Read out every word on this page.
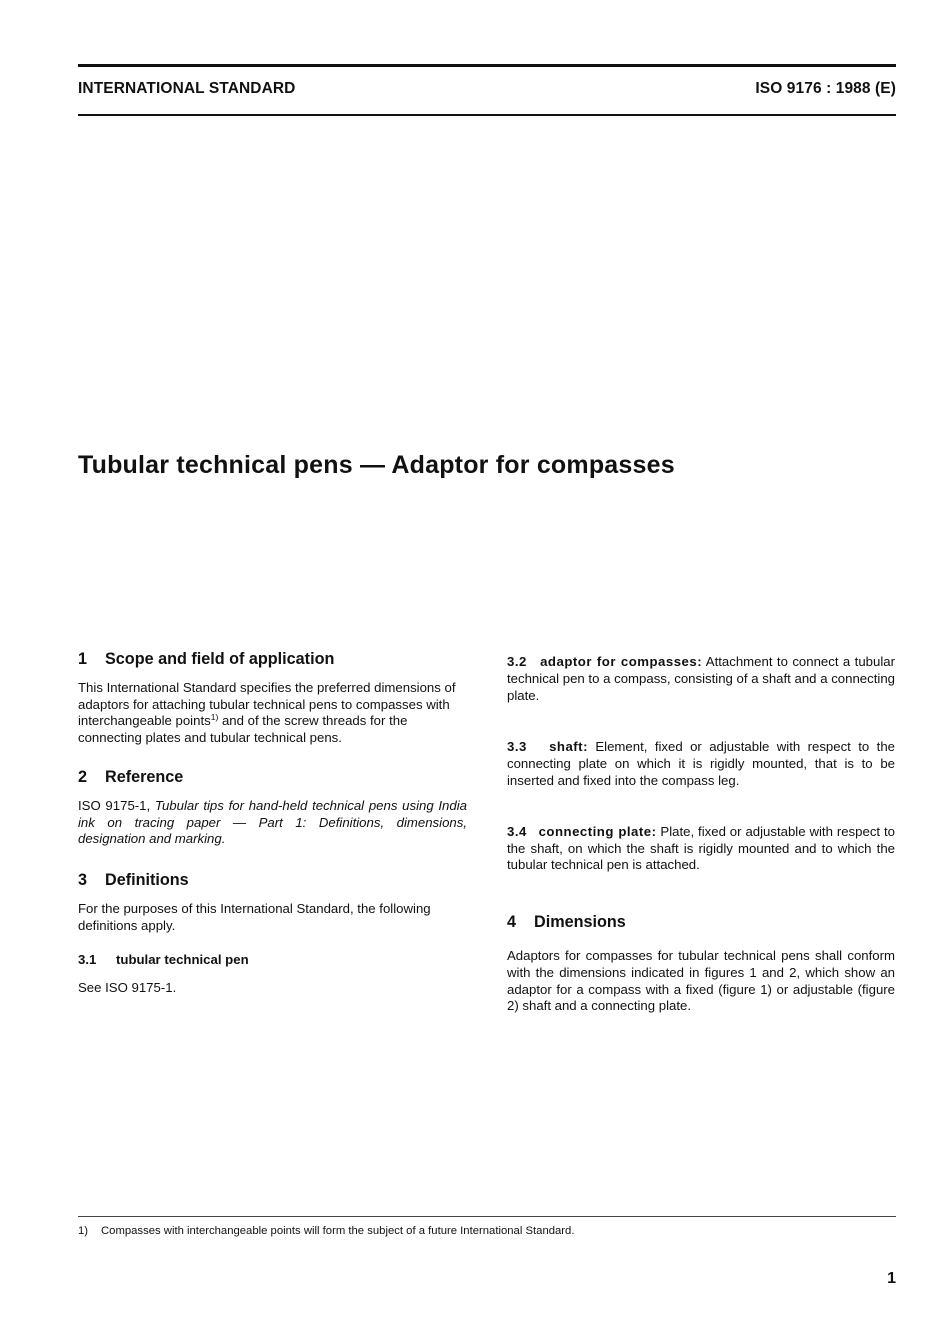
INTERNATIONAL STANDARD	ISO 9176 : 1988 (E)
Tubular technical pens — Adaptor for compasses
1 Scope and field of application

This International Standard specifies the preferred dimensions of adaptors for attaching tubular technical pens to compasses with interchangeable points$^{1)}$ and of the screw threads for the connecting plates and tubular technical pens.

2 Reference

ISO 9175-1, Tubular tips for hand-held technical pens using India ink on tracing paper — Part 1: Definitions, dimensions, designation and marking.

3 Definitions

For the purposes of this International Standard, the following definitions apply.

3.1 tubular technical pen

See ISO 9175-1.

3.2 adaptor for compasses: Attachment to connect a tubular technical pen to a compass, consisting of a shaft and a connecting plate.

3.3 shaft: Element, fixed or adjustable with respect to the connecting plate on which it is rigidly mounted, that is to be inserted and fixed into the compass leg.

3.4 connecting plate: Plate, fixed or adjustable with respect to the shaft, on which the shaft is rigidly mounted and to which the tubular technical pen is attached.

4 Dimensions

Adaptors for compasses for tubular technical pens shall conform with the dimensions indicated in figures 1 and 2, which show an adaptor for a compass with a fixed (figure 1) or adjustable (figure 2) shaft and a connecting plate.

1) Compasses with interchangeable points will form the subject of a future International Standard.
1
